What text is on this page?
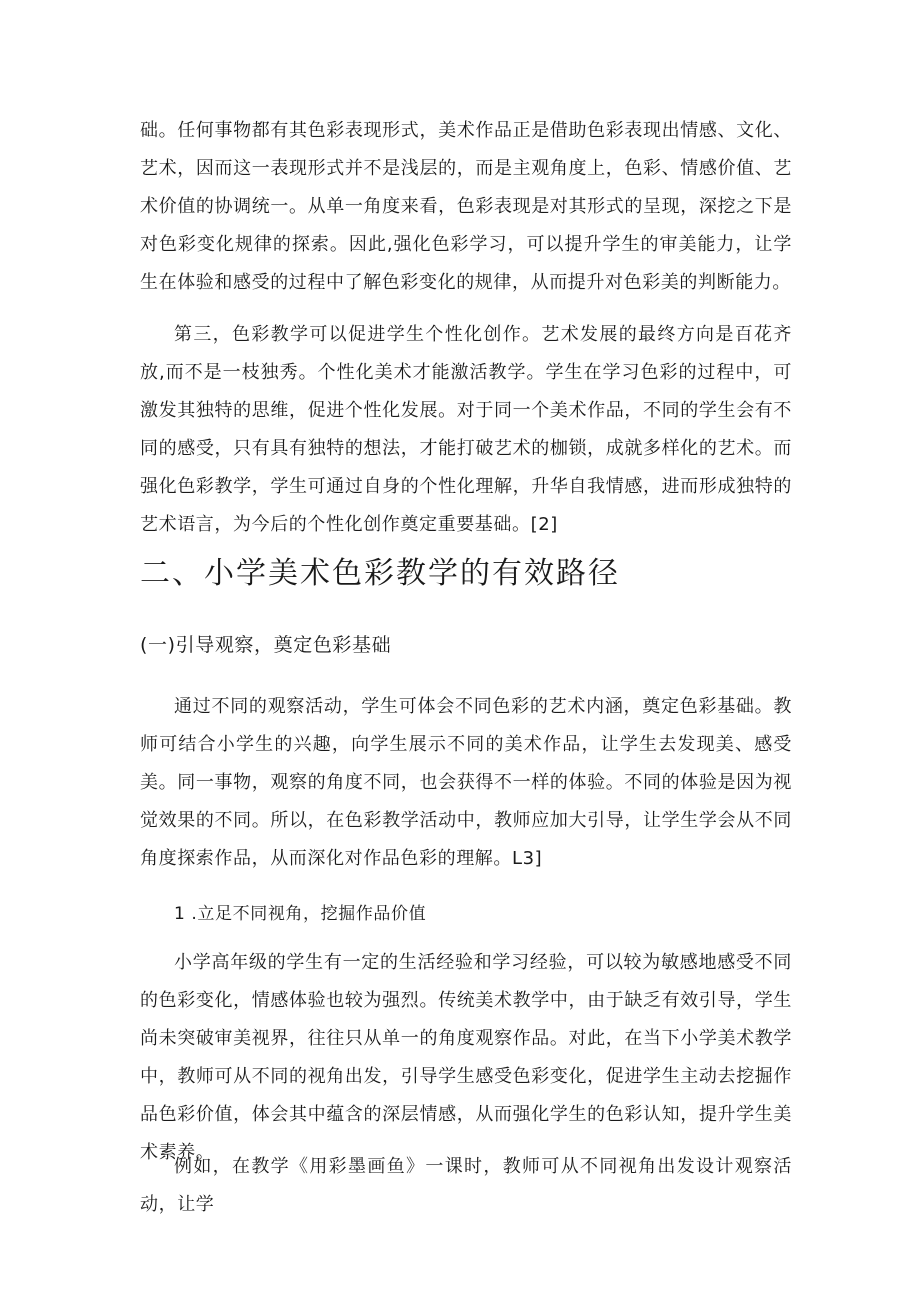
础。任何事物都有其色彩表现形式，美术作品正是借助色彩表现出情感、文化、艺术，因而这一表现形式并不是浅层的，而是主观角度上，色彩、情感价值、艺术价值的协调统一。从单一角度来看，色彩表现是对其形式的呈现，深挖之下是对色彩变化规律的探索。因此,强化色彩学习，可以提升学生的审美能力，让学生在体验和感受的过程中了解色彩变化的规律，从而提升对色彩美的判断能力。

第三，色彩教学可以促进学生个性化创作。艺术发展的最终方向是百花齐放,而不是一枝独秀。个性化美术才能激活教学。学生在学习色彩的过程中，可激发其独特的思维，促进个性化发展。对于同一个美术作品，不同的学生会有不同的感受，只有具有独特的想法，才能打破艺术的枷锁，成就多样化的艺术。而强化色彩教学，学生可通过自身的个性化理解，升华自我情感，进而形成独特的艺术语言，为今后的个性化创作奠定重要基础。[2]

二、小学美术色彩教学的有效路径
(一)引导观察，奠定色彩基础

通过不同的观察活动，学生可体会不同色彩的艺术内涵，奠定色彩基础。教师可结合小学生的兴趣，向学生展示不同的美术作品，让学生去发现美、感受美。同一事物，观察的角度不同，也会获得不一样的体验。不同的体验是因为视觉效果的不同。所以，在色彩教学活动中，教师应加大引导，让学生学会从不同角度探索作品，从而深化对作品色彩的理解。L3]

1 .立足不同视角，挖掘作品价值

小学高年级的学生有一定的生活经验和学习经验，可以较为敏感地感受不同的色彩变化，情感体验也较为强烈。传统美术教学中，由于缺乏有效引导，学生尚未突破审美视界，往往只从单一的角度观察作品。对此，在当下小学美术教学中，教师可从不同的视角出发，引导学生感受色彩变化，促进学生主动去挖掘作品色彩价值，体会其中蕴含的深层情感，从而强化学生的色彩认知，提升学生美术素养。

例如，在教学《用彩墨画鱼》一课时，教师可从不同视角出发设计观察活动，让学
